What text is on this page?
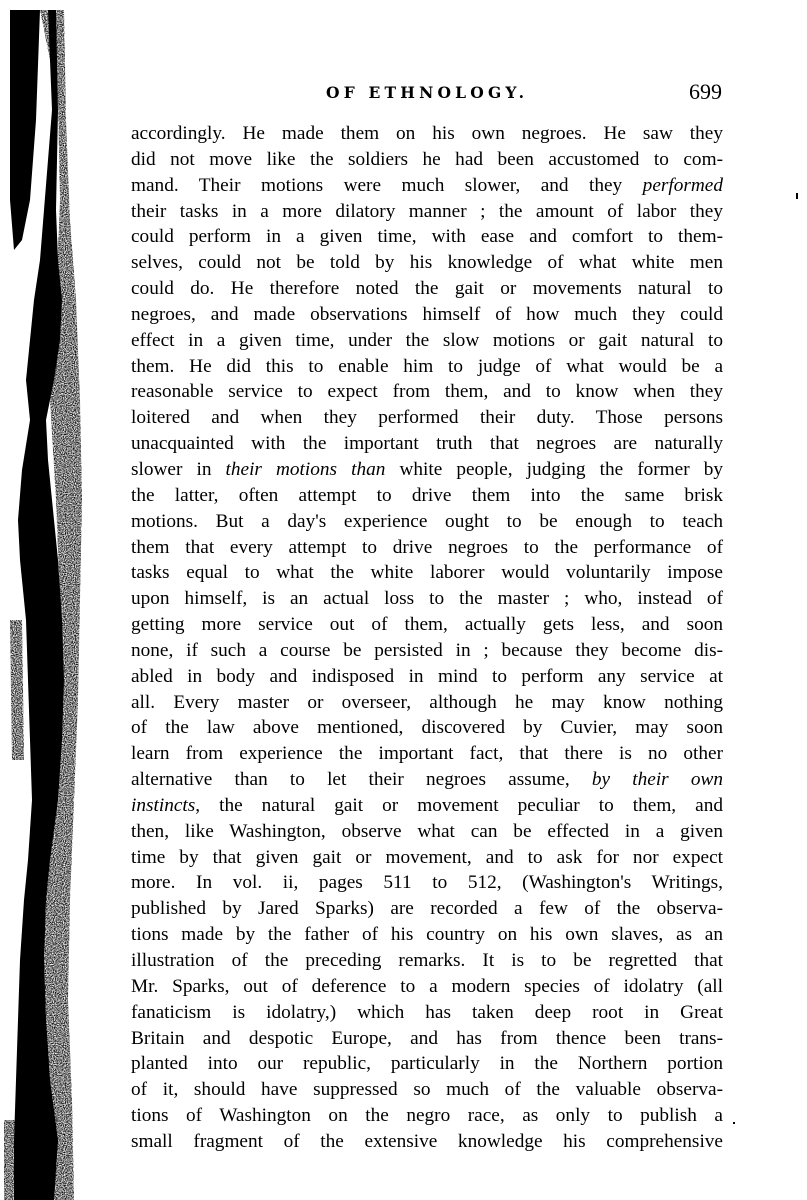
OF ETHNOLOGY.	699
accordingly. He made them on his own negroes. He saw they
did not move like the soldiers he had been accustomed to com-
mand. Their motions were much slower, and they performed
their tasks in a more dilatory manner ; the amount of labor they
could perform in a given time, with ease and comfort to them-
selves, could not be told by his knowledge of what white men
could do. He therefore noted the gait or movements natural to
negroes, and made observations himself of how much they could
effect in a given time, under the slow motions or gait natural to
them. He did this to enable him to judge of what would be a
reasonable service to expect from them, and to know when they
loitered and when they performed their duty. Those persons
unacquainted with the important truth that negroes are naturally
slower in their motions than white people, judging the former by
the latter, often attempt to drive them into the same brisk
motions. But a day's experience ought to be enough to teach
them that every attempt to drive negroes to the performance of
tasks equal to what the white laborer would voluntarily impose
upon himself, is an actual loss to the master ; who, instead of
getting more service out of them, actually gets less, and soon
none, if such a course be persisted in ; because they become dis-
abled in body and indisposed in mind to perform any service at
all. Every master or overseer, although he may know nothing
of the law above mentioned, discovered by Cuvier, may soon
learn from experience the important fact, that there is no other
alternative than to let their negroes assume, by their own
instincts, the natural gait or movement peculiar to them, and
then, like Washington, observe what can be effected in a given
time by that given gait or movement, and to ask for nor expect
more. In vol. ii, pages 511 to 512, (Washington's Writings,
published by Jared Sparks) are recorded a few of the observa-
tions made by the father of his country on his own slaves, as an
illustration of the preceding remarks. It is to be regretted that
Mr. Sparks, out of deference to a modern species of idolatry (all
fanaticism is idolatry,) which has taken deep root in Great
Britain and despotic Europe, and has from thence been trans-
planted into our republic, particularly in the Northern portion
of it, should have suppressed so much of the valuable observa-
tions of Washington on the negro race, as only to publish a
small fragment of the extensive knowledge his comprehensive
